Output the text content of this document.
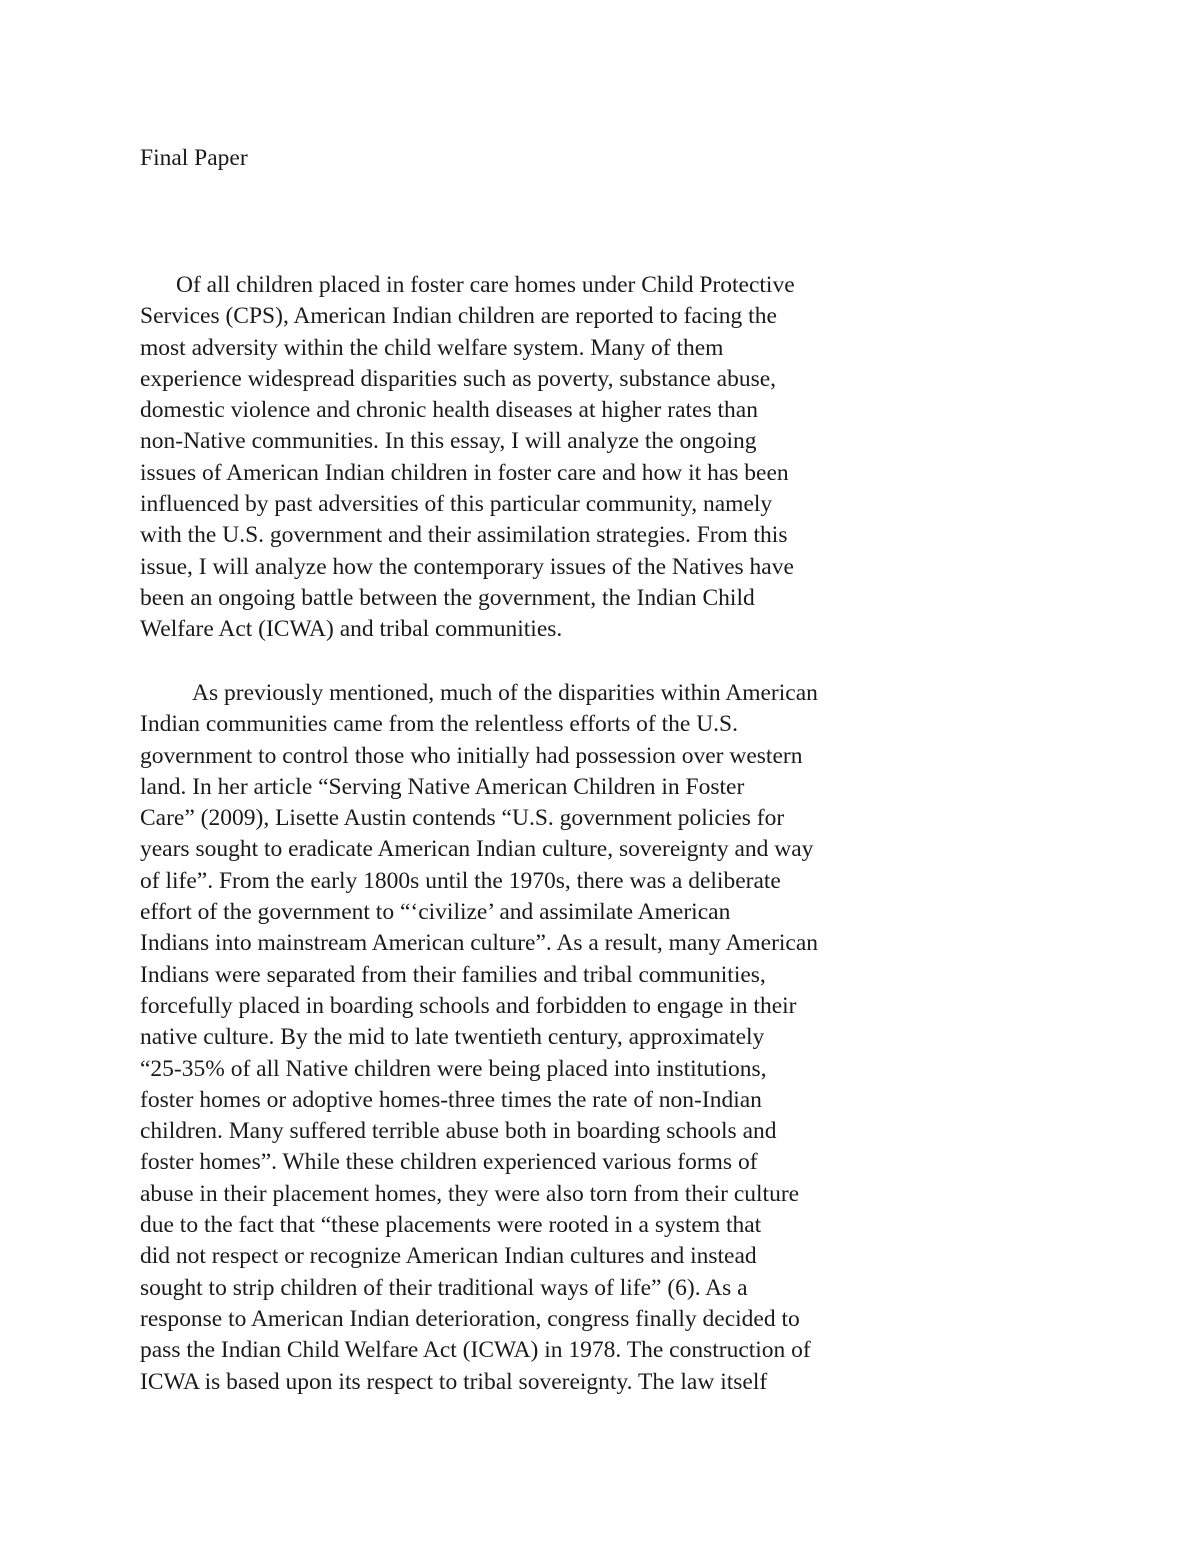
Final Paper

Of all children placed in foster care homes under Child Protective
Services (CPS), American Indian children are reported to facing the
most adversity within the child welfare system. Many of them
experience widespread disparities such as poverty, substance abuse,
domestic violence and chronic health diseases at higher rates than
non-Native communities. In this essay, I will analyze the ongoing
issues of American Indian children in foster care and how it has been
influenced by past adversities of this particular community, namely
with the U.S. government and their assimilation strategies. From this
issue, I will analyze how the contemporary issues of the Natives have
been an ongoing battle between the government, the Indian Child
Welfare Act (ICWA) and tribal communities.

As previously mentioned, much of the disparities within American
Indian communities came from the relentless efforts of the U.S.
government to control those who initially had possession over western
land. In her article “Serving Native American Children in Foster
Care” (2009), Lisette Austin contends “U.S. government policies for
years sought to eradicate American Indian culture, sovereignty and way
of life”. From the early 1800s until the 1970s, there was a deliberate
effort of the government to “‘civilize’ and assimilate American
Indians into mainstream American culture”. As a result, many American
Indians were separated from their families and tribal communities,
forcefully placed in boarding schools and forbidden to engage in their
native culture. By the mid to late twentieth century, approximately
“25-35% of all Native children were being placed into institutions,
foster homes or adoptive homes-three times the rate of non-Indian
children. Many suffered terrible abuse both in boarding schools and
foster homes”. While these children experienced various forms of
abuse in their placement homes, they were also torn from their culture
due to the fact that “these placements were rooted in a system that
did not respect or recognize American Indian cultures and instead
sought to strip children of their traditional ways of life” (6). As a
response to American Indian deterioration, congress finally decided to
pass the Indian Child Welfare Act (ICWA) in 1978. The construction of
ICWA is based upon its respect to tribal sovereignty. The law itself
